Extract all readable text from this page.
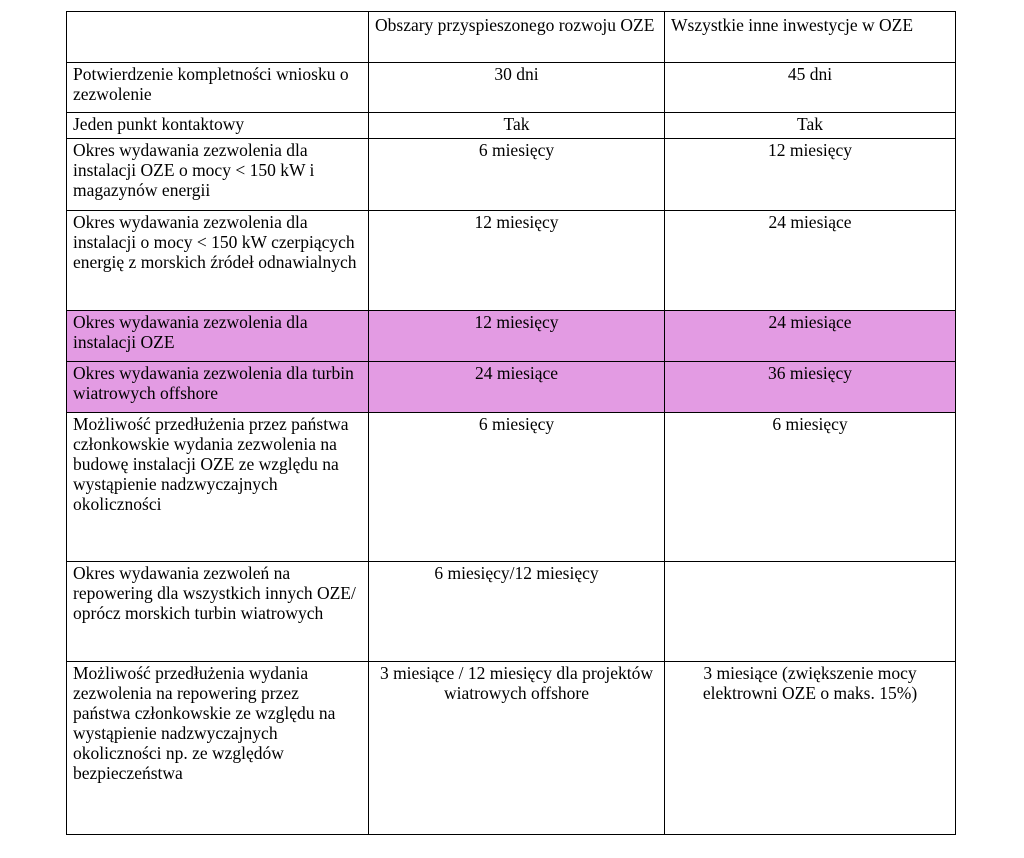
	Obszary przyspieszonego rozwoju OZE	Wszystkie inne inwestycje w OZE
Potwierdzenie kompletności wniosku o zezwolenie	30 dni	45 dni
Jeden punkt kontaktowy	Tak	Tak
Okres wydawania zezwolenia dla instalacji OZE o mocy < 150 kW i magazynów energii	6 miesięcy	12 miesięcy
Okres wydawania zezwolenia dla instalacji o mocy < 150 kW czerpiących energię z morskich źródeł odnawialnych	12 miesięcy	24 miesiące
Okres wydawania zezwolenia dla instalacji OZE	12 miesięcy	24 miesiące
Okres wydawania zezwolenia dla turbin wiatrowych offshore	24 miesiące	36 miesięcy
Możliwość przedłużenia przez państwa członkowskie wydania zezwolenia na budowę instalacji OZE ze względu na wystąpienie nadzwyczajnych okoliczności	6 miesięcy	6 miesięcy
Okres wydawania zezwoleń na repowering dla wszystkich innych OZE/ oprócz morskich turbin wiatrowych	6 miesięcy/12 miesięcy	
Możliwość przedłużenia wydania zezwolenia na repowering przez państwa członkowskie ze względu na wystąpienie nadzwyczajnych okoliczności np. ze względów bezpieczeństwa	3 miesiące / 12 miesięcy dla projektów wiatrowych offshore	3 miesiące (zwiększenie mocy elektrowni OZE o maks. 15%)
